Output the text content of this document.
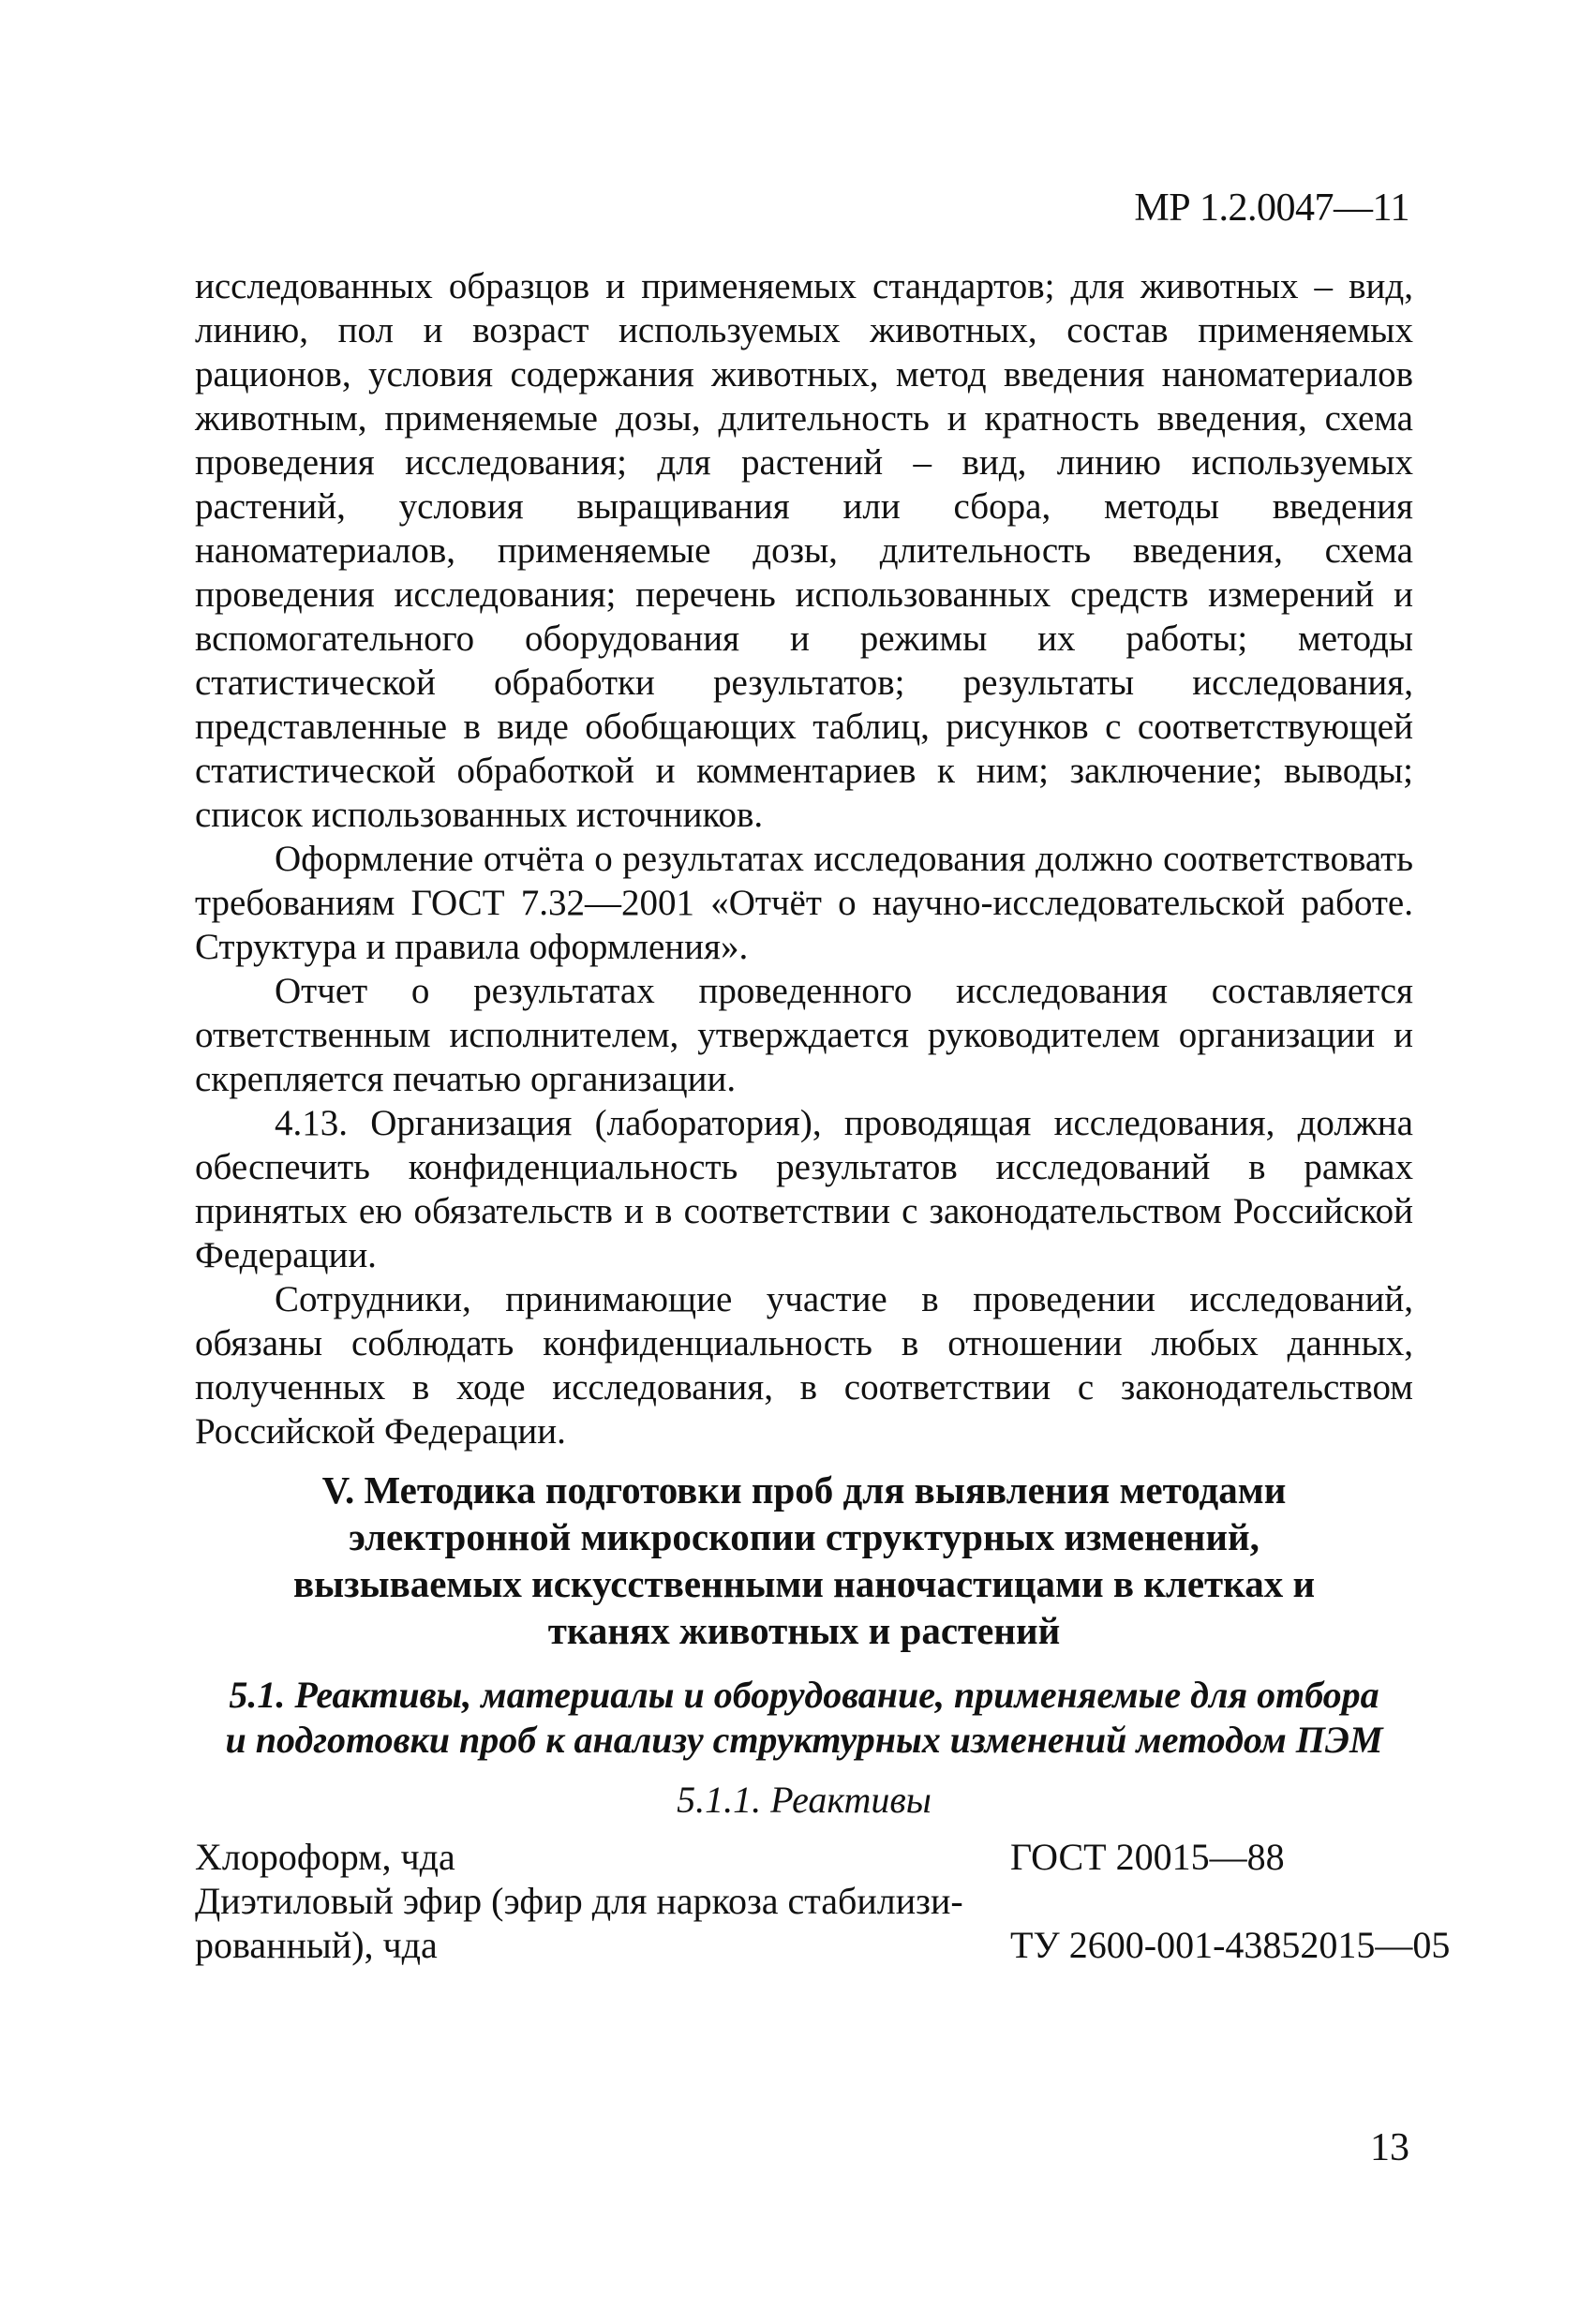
МР 1.2.0047—11

исследованных образцов и применяемых стандартов; для животных – вид, линию, пол и возраст используемых животных, состав применяемых рационов, условия содержания животных, метод введения наноматериалов животным, применяемые дозы, длительность и кратность введения, схема проведения исследования; для растений – вид, линию используемых растений, условия выращивания или сбора, методы введения наноматериалов, применяемые дозы, длительность введения, схема проведения исследования; перечень использованных средств измерений и вспомогательного оборудования и режимы их работы; методы статистической обработки результатов; результаты исследования, представленные в виде обобщающих таблиц, рисунков с соответствующей статистической обработкой и комментариев к ним; заключение; выводы; список использованных источников.

Оформление отчёта о результатах исследования должно соответствовать требованиям ГОСТ 7.32—2001 «Отчёт о научно-исследовательской работе. Структура и правила оформления».

Отчет о результатах проведенного исследования составляется ответственным исполнителем, утверждается руководителем организации и скрепляется печатью организации.

4.13. Организация (лаборатория), проводящая исследования, должна обеспечить конфиденциальность результатов исследований в рамках принятых ею обязательств и в соответствии с законодательством Российской Федерации.

Сотрудники, принимающие участие в проведении исследований, обязаны соблюдать конфиденциальность в отношении любых данных, полученных в ходе исследования, в соответствии с законодательством Российской Федерации.

V. Методика подготовки проб для выявления методами
электронной микроскопии структурных изменений,
вызываемых искусственными наночастицами в клетках и
тканях животных и растений
5.1. Реактивы, материалы и оборудование, применяемые для отбора
и подготовки проб к анализу структурных изменений методом ПЭМ
5.1.1. Реактивы
Хлороформ, чда	ГОСТ 20015—88
Диэтиловый эфир (эфир для наркоза стабилизи-
рованный), чда	ТУ 2600-001-43852015—05
13
